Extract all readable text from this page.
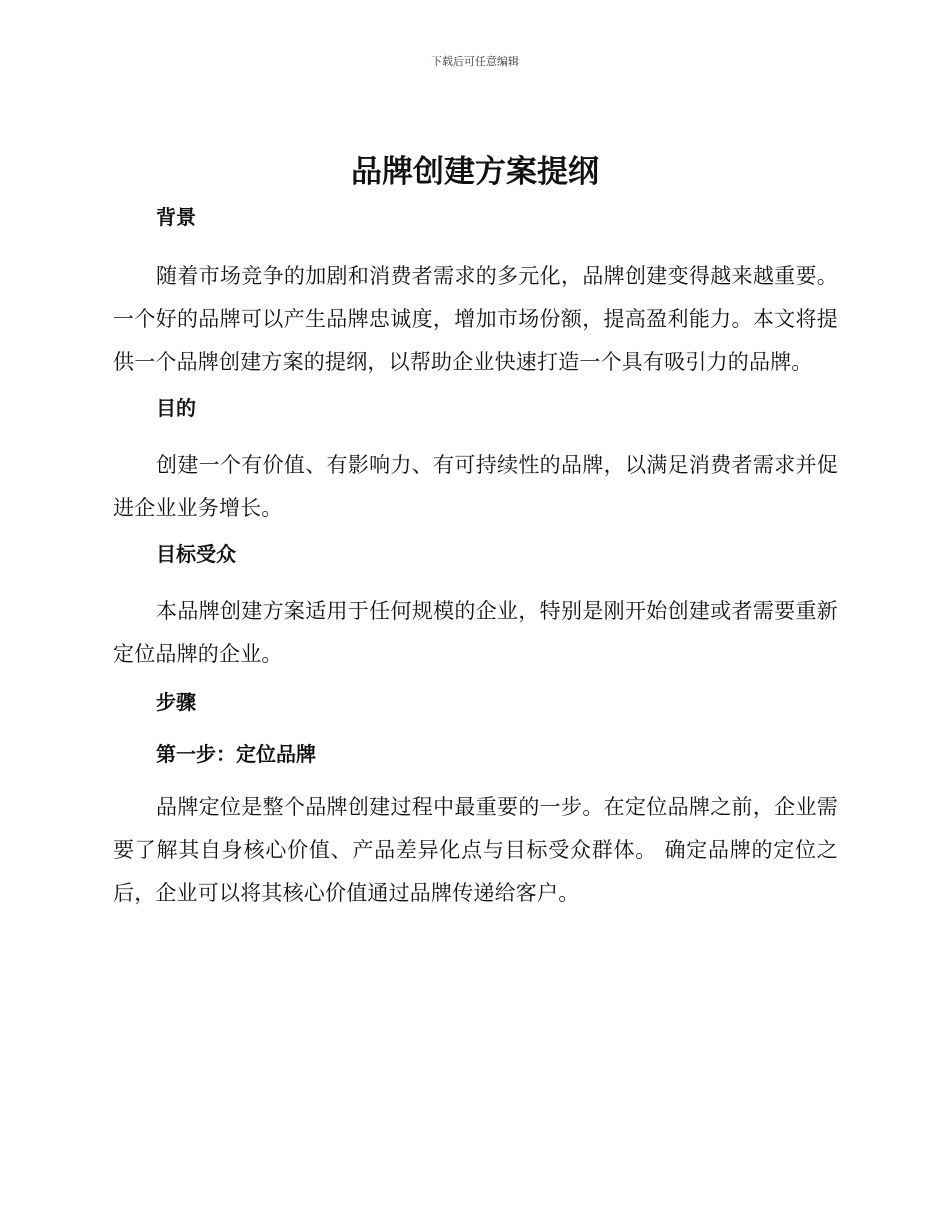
下载后可任意编辑
品牌创建方案提纲
背景

随着市场竞争的加剧和消费者需求的多元化，品牌创建变得越来越重要。一个好的品牌可以产生品牌忠诚度，增加市场份额，提高盈利能力。本文将提供一个品牌创建方案的提纲，以帮助企业快速打造一个具有吸引力的品牌。

目的

创建一个有价值、有影响力、有可持续性的品牌，以满足消费者需求并促进企业业务增长。

目标受众

本品牌创建方案适用于任何规模的企业，特别是刚开始创建或者需要重新定位品牌的企业。

步骤
第一步：定位品牌

品牌定位是整个品牌创建过程中最重要的一步。在定位品牌之前，企业需要了解其自身核心价值、产品差异化点与目标受众群体。 确定品牌的定位之后，企业可以将其核心价值通过品牌传递给客户。
